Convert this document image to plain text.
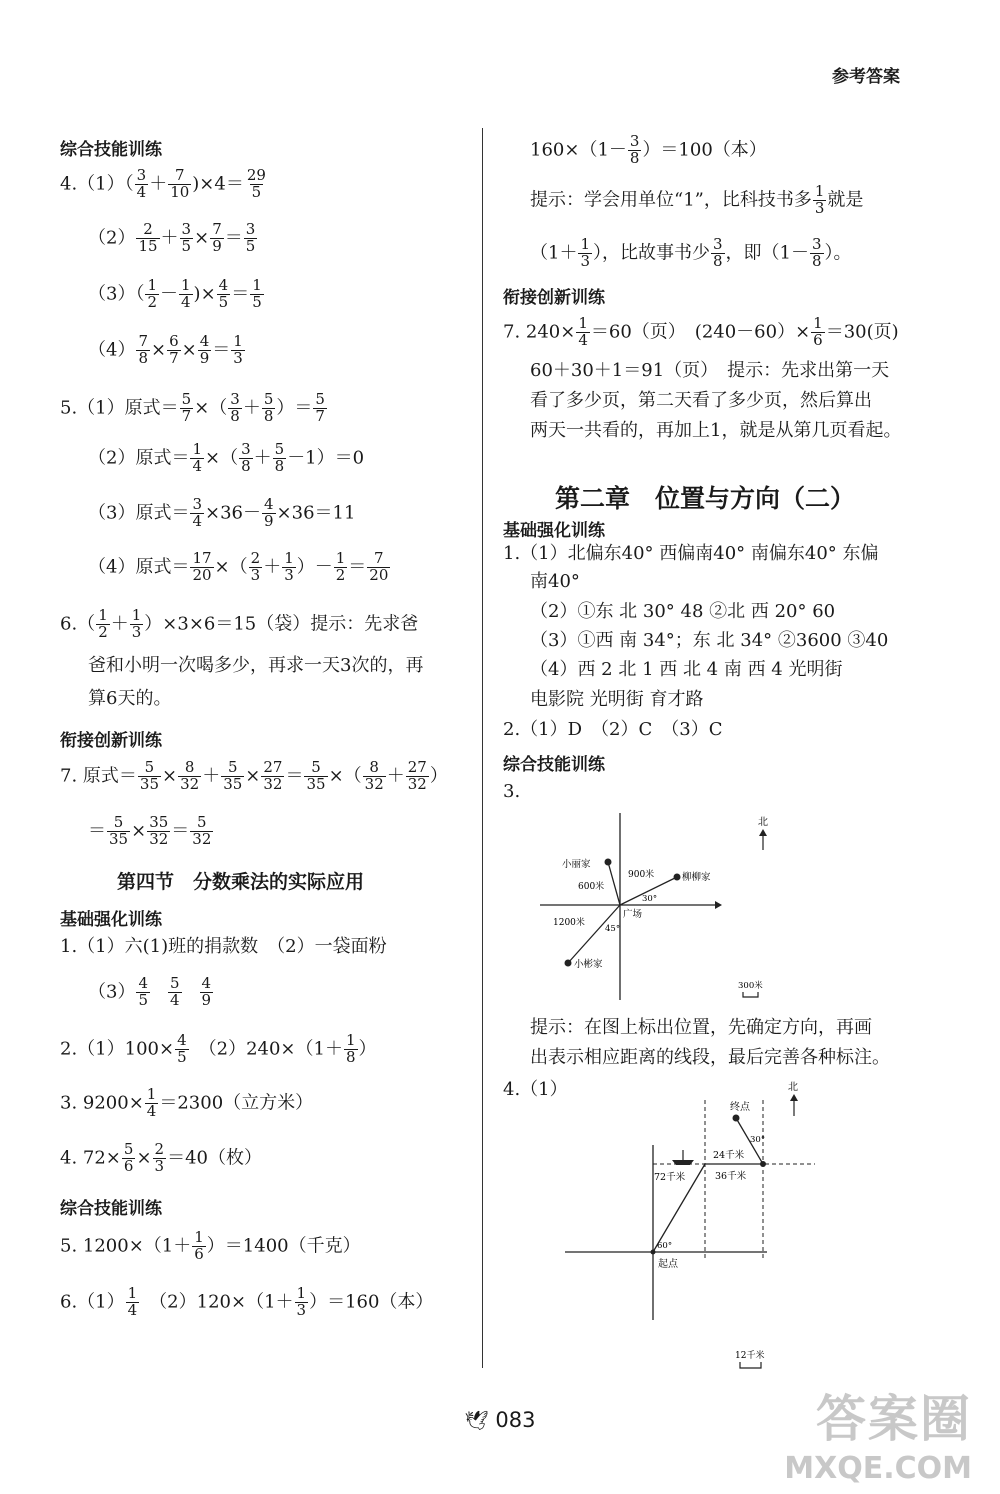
参考答案
综合技能训练
$4.(1)( \frac{3}{4} + \frac{7}{10} )\times 4= \frac{29}{5}$
$(2) \frac{2}{15} + \frac{3}{5} \times \frac{7}{9} = \frac{3}{5}$
$(3)( \frac{1}{2} - \frac{1}{4}$ )× $\frac{4}{5} = \frac{1}{5}$
$(4) \frac{7}{8} \times \frac{6}{7} \times \frac{4}{9} = \frac{1}{3}$
5.（1）原式＝ $\frac{5}{7}$ ×（ $\frac{3}{8} + \frac{5}{8}$ ）＝ $\frac{5}{7}$
（2）原式＝ $\frac{1}{4}$ ×（ $\frac{3}{8} + \frac{5}{8} -1)=0$
（3）原式＝ $\frac{3}{4} \times 36- \frac{4}{9} \times 36=11$
（4）原式＝ $\frac{17}{20}$ ×（ $\frac{2}{3} + \frac{1}{3}$ ）－ $\frac{1}{2} = \frac{7}{20}$
$6.( \frac{1}{2} + \frac{1}{3} )\times 3\times 6=15$（袋）提示：先求爸
爸和小明一次喝多少，再求一天3次的，再
算6天的。
衔接创新训练
7. 原式＝ $\frac{5}{35} \times \frac{8}{32} + \frac{5}{35} \times \frac{27}{32} = \frac{5}{35}$ ×（ $\frac{8}{32} + \frac{27}{32}$ ）
＝ $\frac{5}{35} \times \frac{35}{32} = \frac{5}{32}$
第四节　分数乘法的实际应用
基础强化训练
1.（1）六(1)班的捐款数　（2）一袋面粉
$(3) \frac{4}{5} \frac{5}{4} \frac{4}{9}$
$2.(1)100\times \frac{4}{5}$ 　$(2)240\times(1+ \frac{1}{8}$ ）
3. $9200\times \frac{1}{4} =2300$（立方米）
4. $72\times \frac{5}{6} \times \frac{2}{3} =40$（枚）
综合技能训练
5. $1200\times(1+ \frac{1}{6} )=1400$（千克）
$6.(1) \frac{1}{4}$ 　$(2)120\times(1+ \frac{1}{3} )=160$（本）
$160\times(1- \frac{3}{8} )=100$（本）
提示：学会用单位“1”，比科技书多 $\frac{1}{3}$ 就是
（$1+ \frac{1}{3}$ ），比故事书少 $\frac{3}{8}$ ，即（$1- \frac{3}{8}$ ）。
衔接创新训练
7. $240\times \frac{1}{4} =60$（页）　$(240-60)\times \frac{1}{6} =30$(页)
60＋30＋1＝91（页）　提示：先求出第一天
看了多少页，第二天看了多少页，然后算出
两天一共看的，再加上1，就是从第几页看起。
第二章　位置与方向（二）
基础强化训练
1.（1）北偏东40° 西偏南40° 南偏东40° 东偏
南40°
（2）①东 北 30° 48 ②北 西 20° 60
（3）①西 南 34°；东 北 34° ②3600 ③40
（4）西 2 北 1 西 北 4 南 西 4 光明街
电影院 光明街 育才路
2.（1）D　（2）C　（3）C
综合技能训练
3.
提示：在图上标出位置，先确定方向，再画
出表示相应距离的线段，最后完善各种标注。
4.（1）
小丽家
900米	柳柳家
600米
30°
广场
1200米
45°
小彬家
北
300米
终点
30°
24千米
36千米
72千米
60°
起点
北
12千米
🕊 083	答案圈
MXQE.COM
